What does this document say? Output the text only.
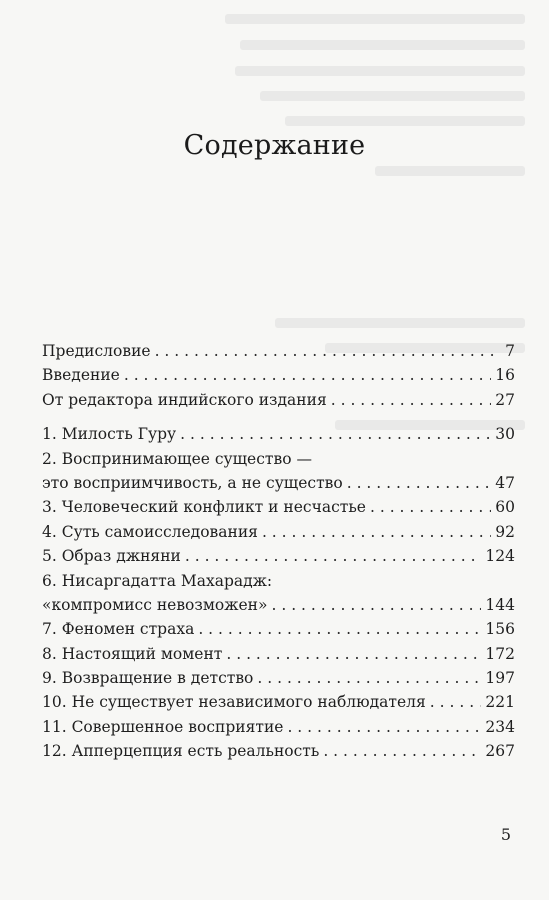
Содержание
Предисловие . . .	7
Введение . . .	16
От редактора индийского издания . . .	27
1. Милость Гуру . . .	30
2. Воспринимающее существо —
это восприимчивость, а не существо . . .	47
3. Человеческий конфликт и несчастье . . .	60
4. Суть самоисследования . . .	92
5. Образ джняни . . .	124
6. Нисаргадатта Махарадж:
«компромисс невозможен» . . .	144
7. Феномен страха . . .	156
8. Настоящий момент . . .	172
9. Возвращение в детство . . .	197
10. Не существует независимого наблюдателя . . .	221
11. Совершенное восприятие . . .	234
12. Апперцепция есть реальность . . .	267
5
